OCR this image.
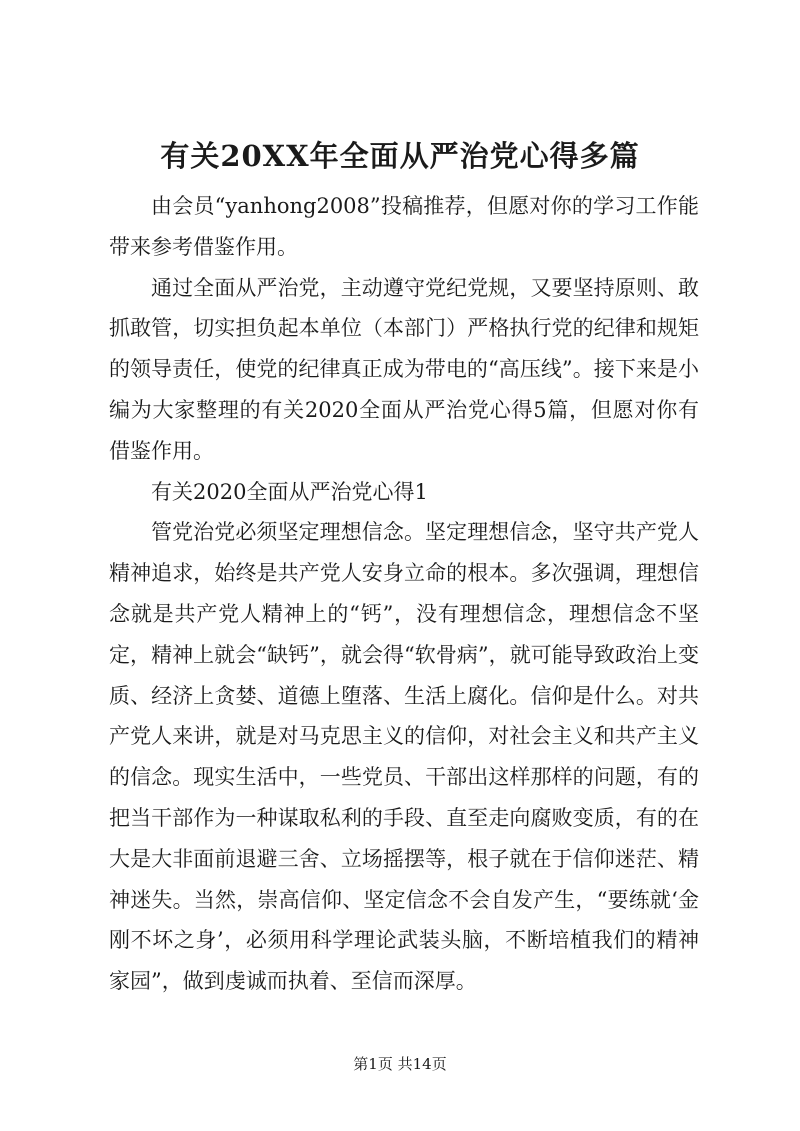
有关20XX年全面从严治党心得多篇

由会员“yanhong2008”投稿推荐，但愿对你的学习工作能带来参考借鉴作用。

通过全面从严治党，主动遵守党纪党规，又要坚持原则、敢抓敢管，切实担负起本单位（本部门）严格执行党的纪律和规矩的领导责任，使党的纪律真正成为带电的“高压线”。接下来是小编为大家整理的有关2020全面从严治党心得5篇，但愿对你有借鉴作用。

有关2020全面从严治党心得1

管党治党必须坚定理想信念。坚定理想信念，坚守共产党人精神追求，始终是共产党人安身立命的根本。多次强调，理想信念就是共产党人精神上的“钙”，没有理想信念，理想信念不坚定，精神上就会“缺钙”，就会得“软骨病”，就可能导致政治上变质、经济上贪婪、道德上堕落、生活上腐化。信仰是什么。对共产党人来讲，就是对马克思主义的信仰，对社会主义和共产主义的信念。现实生活中，一些党员、干部出这样那样的问题，有的把当干部作为一种谋取私利的手段、直至走向腐败变质，有的在大是大非面前退避三舍、立场摇摆等，根子就在于信仰迷茫、精神迷失。当然，崇高信仰、坚定信念不会自发产生，“要练就‘金刚不坏之身’，必须用科学理论武装头脑，不断培植我们的精神家园”，做到虔诚而执着、至信而深厚。

第1页 共14页
